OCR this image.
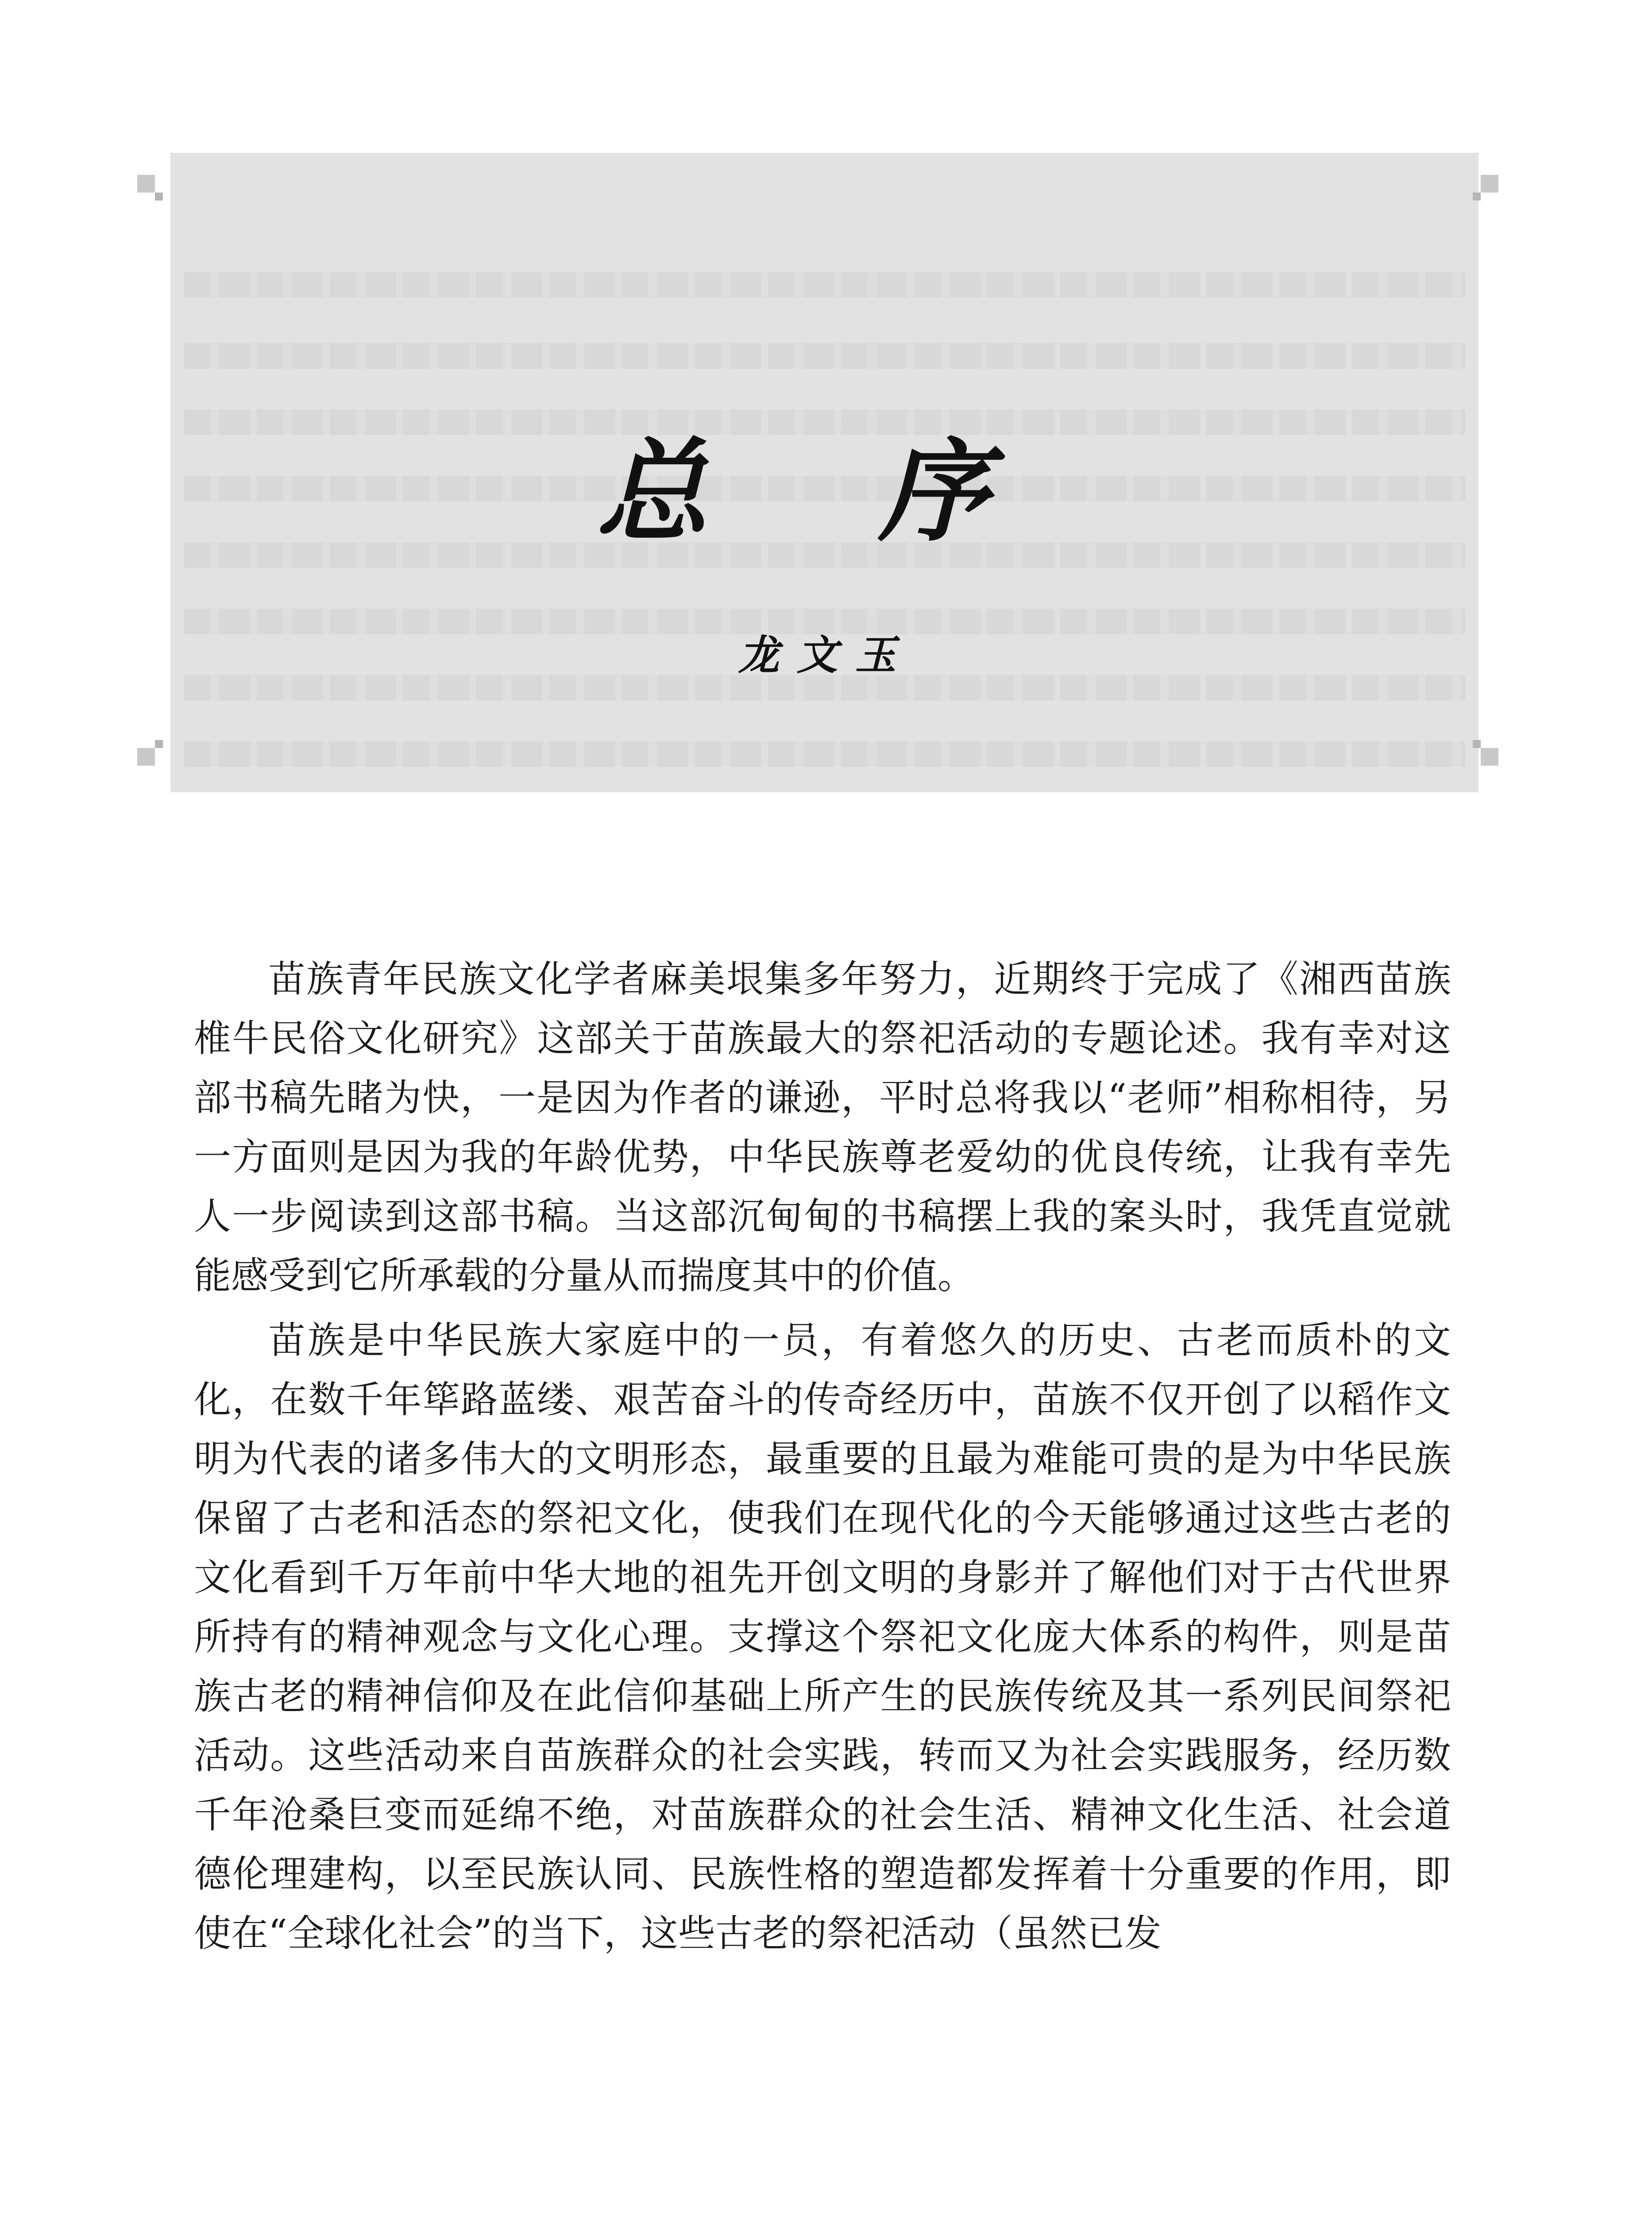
总 序
龙文玉

苗族青年民族文化学者麻美垠集多年努力，近期终于完成了《湘西苗族椎牛民俗文化研究》这部关于苗族最大的祭祀活动的专题论述。我有幸对这部书稿先睹为快，一是因为作者的谦逊，平时总将我以“老师”相称相待，另一方面则是因为我的年龄优势，中华民族尊老爱幼的优良传统，让我有幸先人一步阅读到这部书稿。当这部沉甸甸的书稿摆上我的案头时，我凭直觉就能感受到它所承载的分量从而揣度其中的价值。

苗族是中华民族大家庭中的一员，有着悠久的历史、古老而质朴的文化，在数千年筚路蓝缕、艰苦奋斗的传奇经历中，苗族不仅开创了以稻作文明为代表的诸多伟大的文明形态，最重要的且最为难能可贵的是为中华民族保留了古老和活态的祭祀文化，使我们在现代化的今天能够通过这些古老的文化看到千万年前中华大地的祖先开创文明的身影并了解他们对于古代世界所持有的精神观念与文化心理。支撑这个祭祀文化庞大体系的构件，则是苗族古老的精神信仰及在此信仰基础上所产生的民族传统及其一系列民间祭祀活动。这些活动来自苗族群众的社会实践，转而又为社会实践服务，经历数千年沧桑巨变而延绵不绝，对苗族群众的社会生活、精神文化生活、社会道德伦理建构，以至民族认同、民族性格的塑造都发挥着十分重要的作用，即使在“全球化社会”的当下，这些古老的祭祀活动（虽然已发
